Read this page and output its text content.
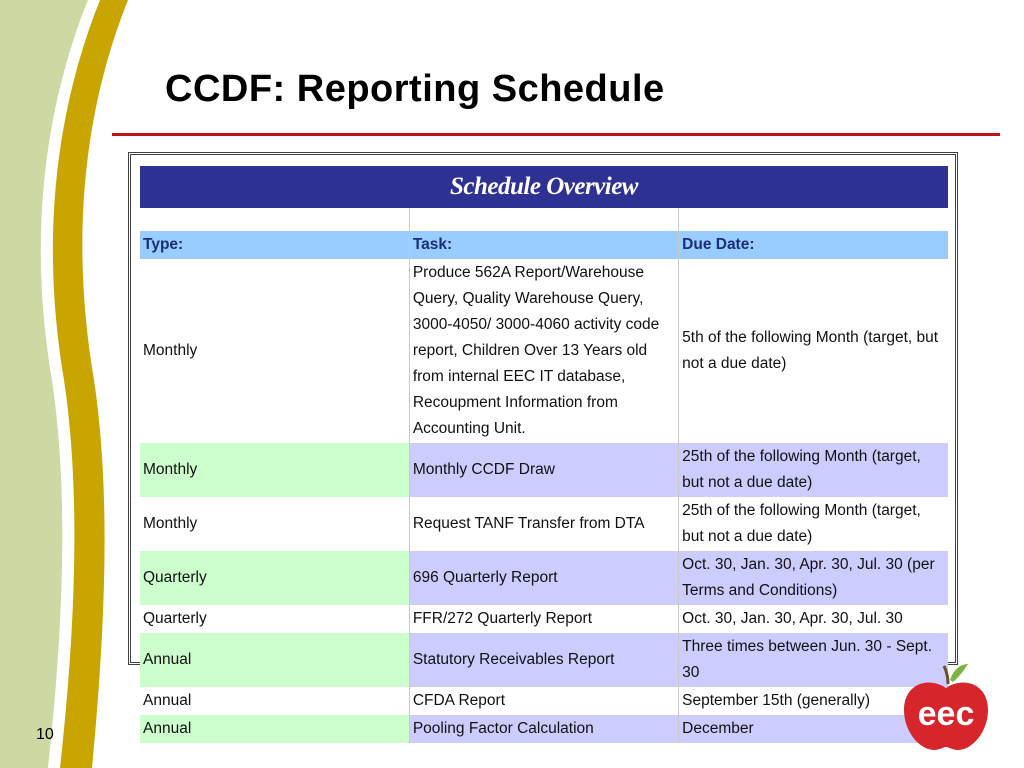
CCDF: Reporting Schedule
Schedule Overview		

Type:	Task:	Due Date:
Monthly	Produce 562A Report/Warehouse Query, Quality Warehouse Query, 3000-4050/ 3000-4060 activity code report, Children Over 13 Years old from internal EEC IT database, Recoupment Information from Accounting Unit.	5th of the following Month (target, but not a due date)
Monthly	Monthly CCDF Draw	25th of the following Month (target, but not a due date)
Monthly	Request TANF Transfer from DTA	25th of the following Month (target, but not a due date)
Quarterly	696 Quarterly Report	Oct. 30, Jan. 30, Apr. 30, Jul. 30 (per Terms and Conditions)
Quarterly	FFR/272 Quarterly Report	Oct. 30, Jan. 30, Apr. 30, Jul. 30
Annual	Statutory Receivables Report	Three times between Jun. 30 - Sept. 30
Annual	CFDA Report	September 15th (generally)
Annual	Pooling Factor Calculation	December
10
eec
